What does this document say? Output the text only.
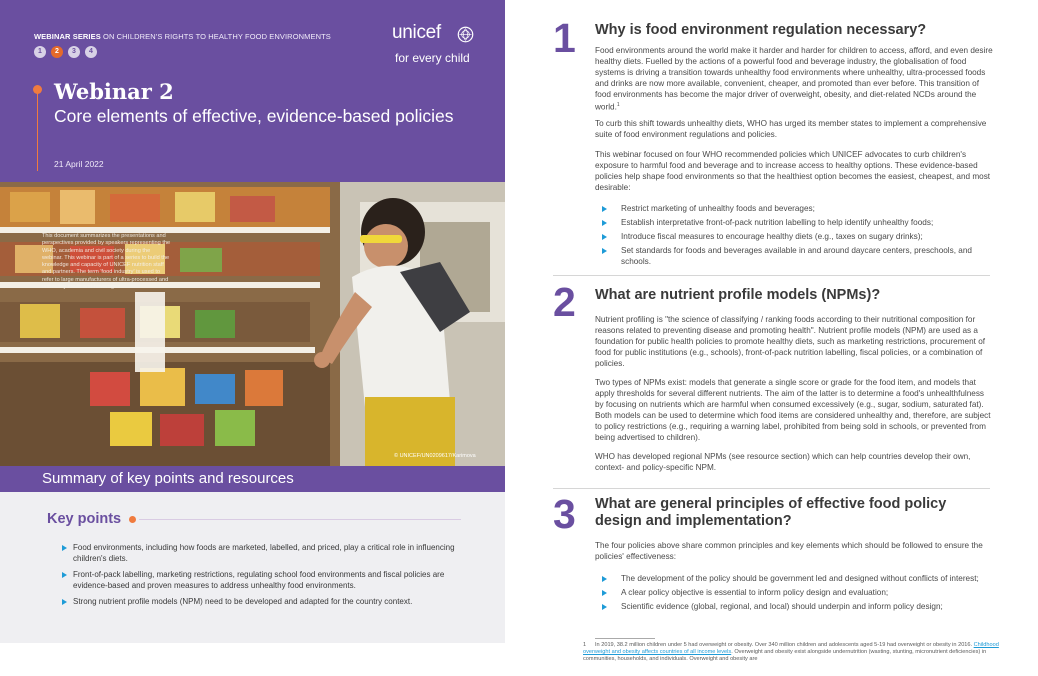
WEBINAR SERIES ON CHILDREN'S RIGHTS TO HEALTHY FOOD ENVIRONMENTS
1	2	3	4
unicef
for every child
Webinar 2
Core elements of effective, evidence-based policies
21 April 2022
This document summarizes the presentations and perspectives provided by speakers representing the WHO, academia and civil society during the webinar. This webinar is part of a series to build the knowledge and capacity of UNICEF nutrition staff and partners. The term 'food industry' is used to refer to large manufacturers of ultra-processed and unhealthy foods and beverages.
© UNICEF/UN0209617/Karimova
Summary of key points and resources
Key points
Food environments, including how foods are marketed, labelled, and priced, play a critical role in influencing children's diets.
Front-of-pack labelling, marketing restrictions, regulating school food environments and fiscal policies are evidence-based and proven measures to address unhealthy food environments.
Strong nutrient profile models (NPM) need to be developed and adapted for the country context.
1 Why is food environment regulation necessary?
Food environments around the world make it harder and harder for children to access, afford, and even desire healthy diets. Fuelled by the actions of a powerful food and beverage industry, the globalisation of food systems is driving a transition towards unhealthy food environments where unhealthy, ultra-processed foods and drinks are now more available, convenient, cheaper, and promoted than ever before. This transition of food environments has become the major driver of overweight, obesity, and diet-related NCDs around the world.$^1$
To curb this shift towards unhealthy diets, WHO has urged its member states to implement a comprehensive suite of food environment regulations and policies.
This webinar focused on four WHO recommended policies which UNICEF advocates to curb children's exposure to harmful food and beverage and to increase access to healthy options. These evidence-based policies help shape food environments so that the healthiest option becomes the easiest, cheapest, and most desirable:
Restrict marketing of unhealthy foods and beverages;
Establish interpretative front-of-pack nutrition labelling to help identify unhealthy foods;
Introduce fiscal measures to encourage healthy diets (e.g., taxes on sugary drinks);
Set standards for foods and beverages available in and around daycare centers, preschools, and schools.
2 What are nutrient profile models (NPMs)?
Nutrient profiling is "the science of classifying / ranking foods according to their nutritional composition for reasons related to preventing disease and promoting health". Nutrient profile models (NPM) are used as a foundation for public health policies to promote healthy diets, such as marketing restrictions, procurement of food for public institutions (e.g., schools), front-of-pack nutrition labelling, fiscal policies, or a combination of policies.
Two types of NPMs exist: models that generate a single score or grade for the food item, and models that apply thresholds for several different nutrients. The aim of the latter is to determine a food's unhealthfulness by focusing on nutrients which are harmful when consumed excessively (e.g., sugar, sodium, saturated fat). Both models can be used to determine which food items are considered unhealthy and, therefore, are subject to policy restrictions (e.g., requiring a warning label, prohibited from being sold in schools, or prevented from being advertised to children).
WHO has developed regional NPMs (see resource section) which can help countries develop their own, context- and policy-specific NPM.
3 What are general principles of effective food policy design and implementation?
The four policies above share common principles and key elements which should be followed to ensure the policies' effectiveness:
The development of the policy should be government led and designed without conflicts of interest;
A clear policy objective is essential to inform policy design and evaluation;
Scientific evidence (global, regional, and local) should underpin and inform policy design;
1 In 2019, 38.2 million children under 5 had overweight or obesity. Over 340 million children and adolescents aged 5-19 had overweight or obesity in 2016. Childhood overweight and obesity affects countries of all income levels. Overweight and obesity exist alongside undernutrition (wasting, stunting, micronutrient deficiencies) in communities, households, and individuals. Overweight and obesity are
